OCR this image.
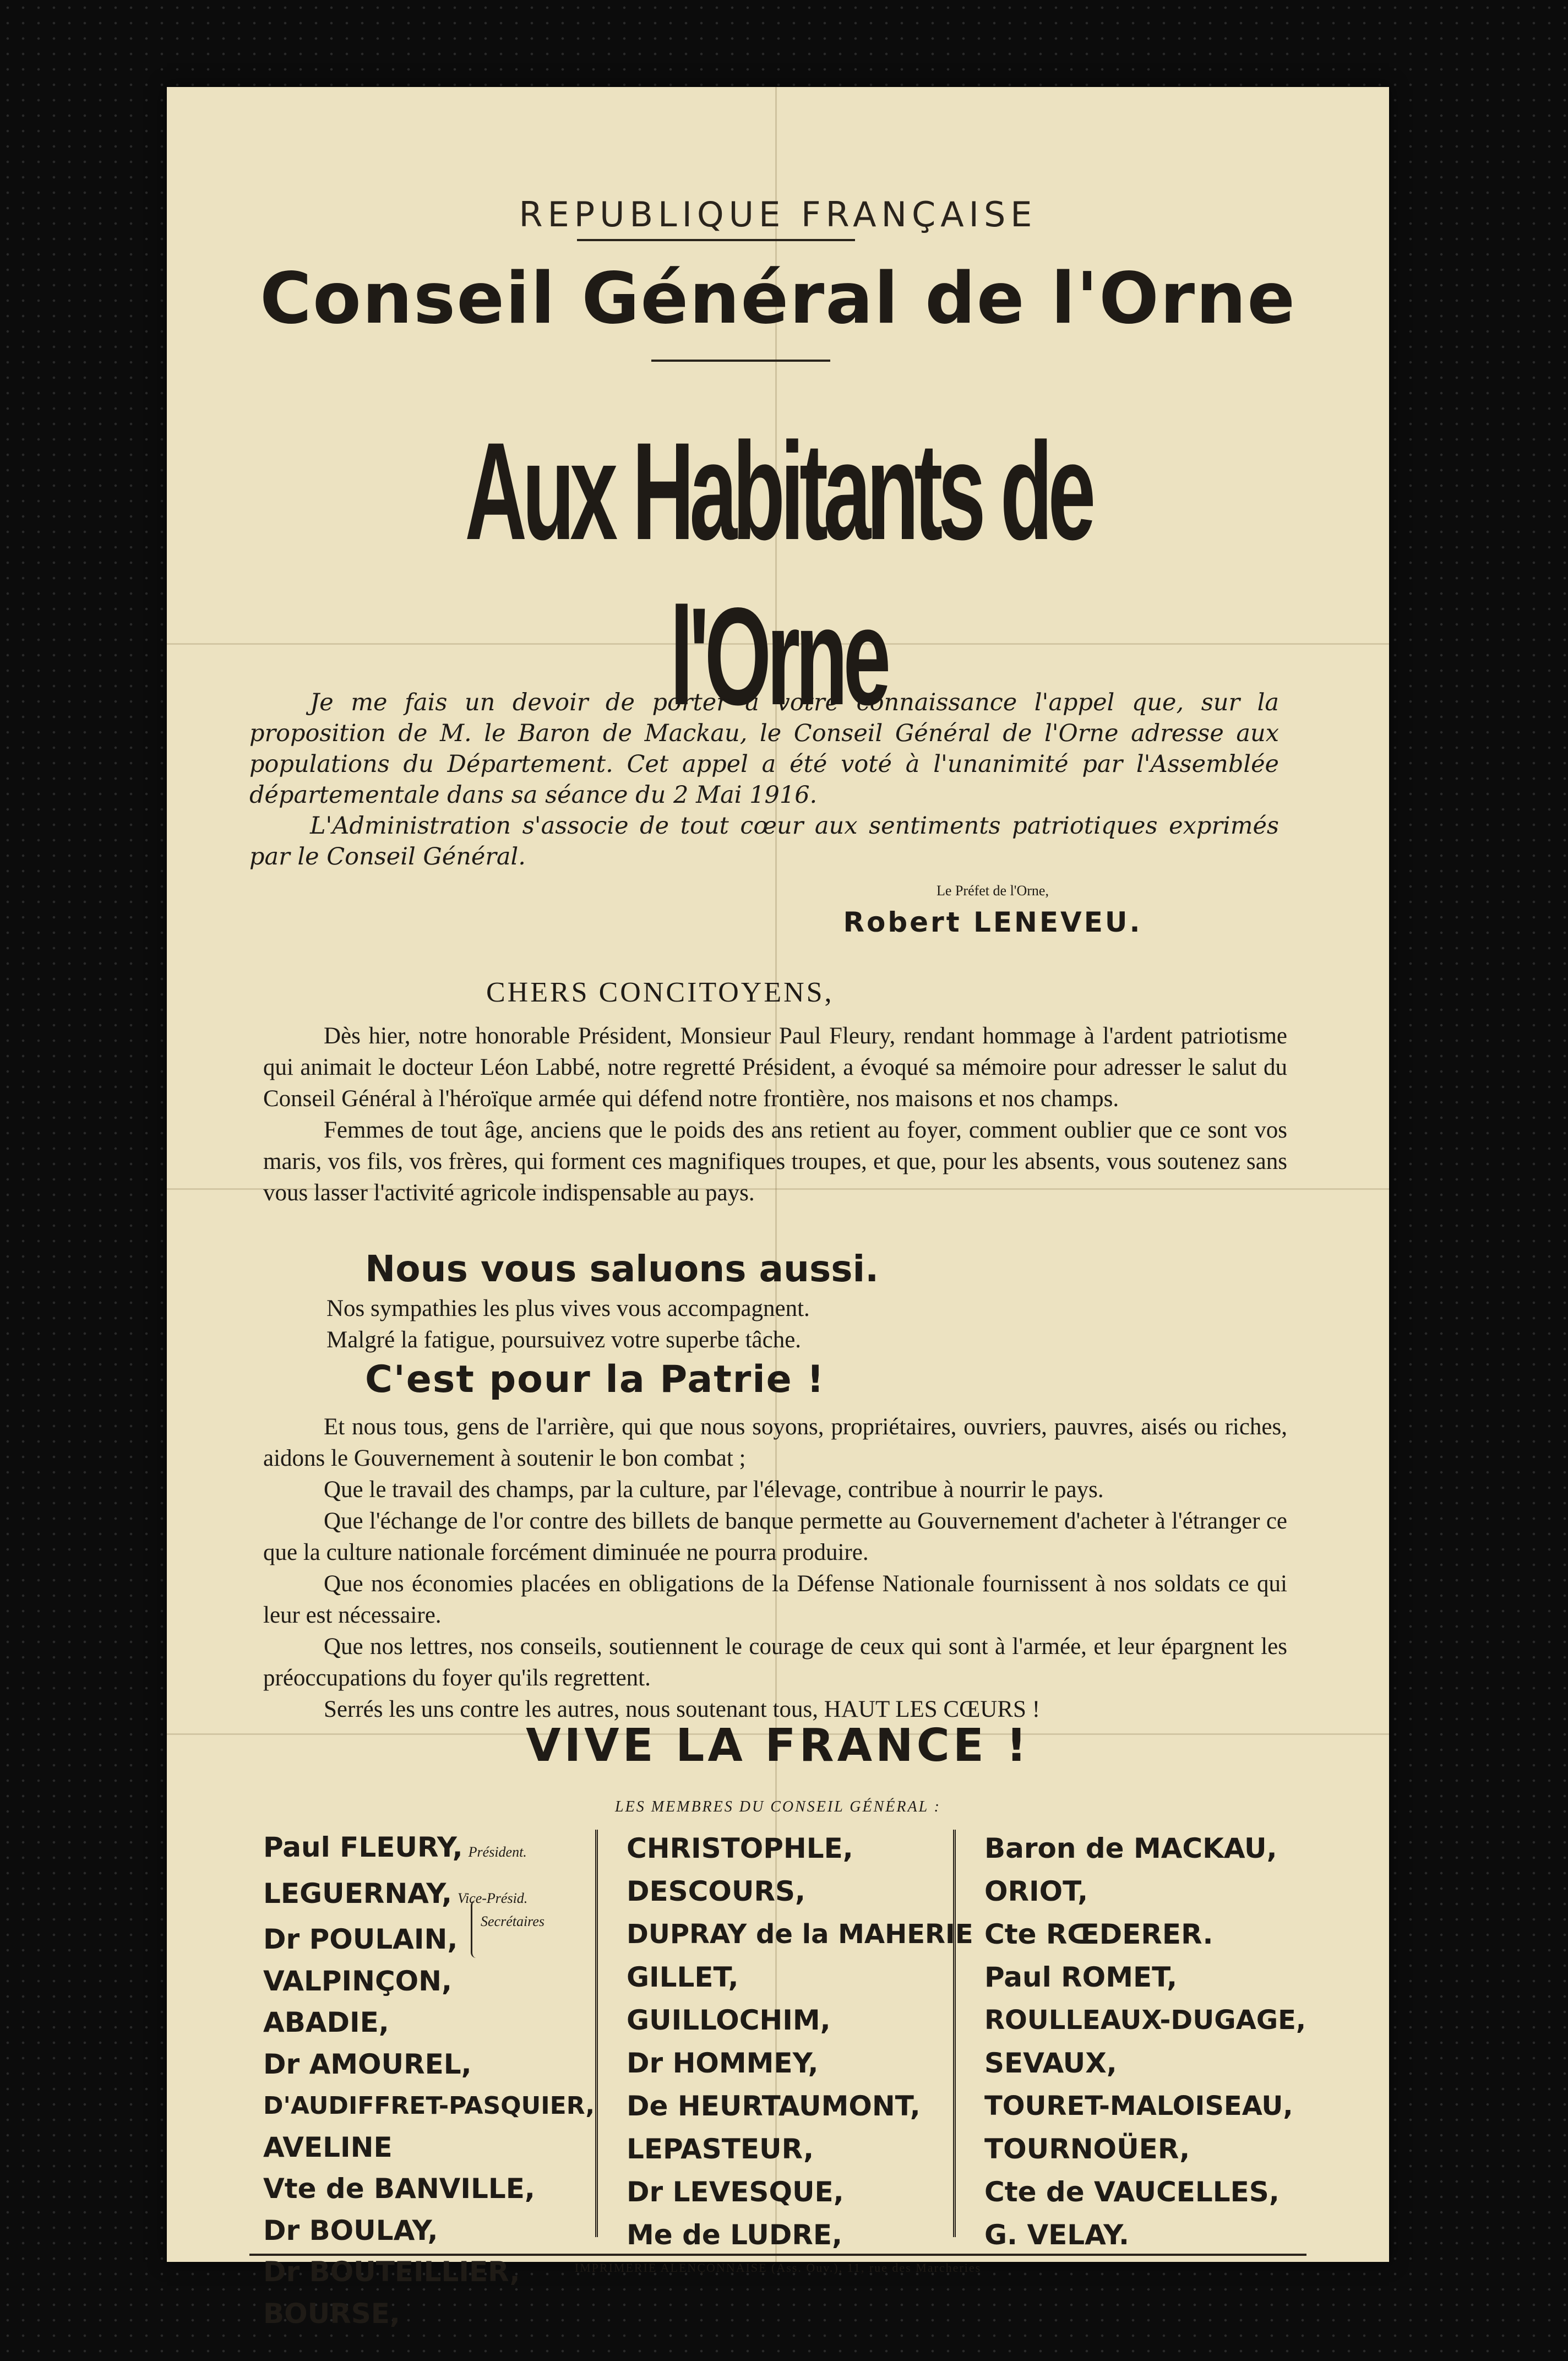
REPUBLIQUE FRANÇAISE
Conseil Général de l'Orne
Aux Habitants de l'Orne

Je me fais un devoir de porter à votre connaissance l'appel que, sur la proposition de M. le Baron de Mackau, le Conseil Général de l'Orne adresse aux populations du Département. Cet appel a été voté à l'unanimité par l'Assemblée départementale dans sa séance du 2 Mai 1916.

L'Administration s'associe de tout cœur aux sentiments patriotiques exprimés par le Conseil Général.

Le Préfet de l'Orne,
Robert LENEVEU.
CHERS CONCITOYENS,

Dès hier, notre honorable Président, Monsieur Paul Fleury, rendant hommage à l'ardent patriotisme qui animait le docteur Léon Labbé, notre regretté Président, a évoqué sa mémoire pour adresser le salut du Conseil Général à l'héroïque armée qui défend notre frontière, nos maisons et nos champs.

Femmes de tout âge, anciens que le poids des ans retient au foyer, comment oublier que ce sont vos maris, vos fils, vos frères, qui forment ces magnifiques troupes, et que, pour les absents, vous soutenez sans vous lasser l'activité agricole indispensable au pays.

Nous vous saluons aussi.

Nos sympathies les plus vives vous accompagnent.

Malgré la fatigue, poursuivez votre superbe tâche.

C'est pour la Patrie !

Et nous tous, gens de l'arrière, qui que nous soyons, propriétaires, ouvriers, pauvres, aisés ou riches, aidons le Gouvernement à soutenir le bon combat ;

Que le travail des champs, par la culture, par l'élevage, contribue à nourrir le pays.

Que l'échange de l'or contre des billets de banque permette au Gouvernement d'acheter à l'étranger ce que la culture nationale forcément diminuée ne pourra produire.

Que nos économies placées en obligations de la Défense Nationale fournissent à nos soldats ce qui leur est nécessaire.

Que nos lettres, nos conseils, soutiennent le courage de ceux qui sont à l'armée, et leur épargnent les préoccupations du foyer qu'ils regrettent.

Serrés les uns contre les autres, nous soutenant tous, HAUT LES CŒURS !

VIVE LA FRANCE !
LES MEMBRES DU CONSEIL GÉNÉRAL :
Paul FLEURY, Président.
LEGUERNAY, Vice-Présid.
Dr POULAIN,
VALPINÇON,
ABADIE,
Dr AMOUREL,
D'AUDIFFRET-PASQUIER,
AVELINE
Vte de BANVILLE,
Dr BOULAY,
Dr BOUTEILLIER,
BOURSE,
Secrétaires
CHRISTOPHLE,
DESCOURS,
DUPRAY de la MAHERIE
GILLET,
GUILLOCHIM,
Dr HOMMEY,
De HEURTAUMONT,
LEPASTEUR,
Dr LEVESQUE,
Me de LUDRE,
Baron de MACKAU,
ORIOT,
Cte RŒDERER.
Paul ROMET,
ROULLEAUX-DUGAGE,
SEVAUX,
TOURET-MALOISEAU,
TOURNOÜER,
Cte de VAUCELLES,
G. VELAY.
IMPRIMERIE ALENÇONNAISE (Ass. Ouv.), 11, rue des Marcheries
